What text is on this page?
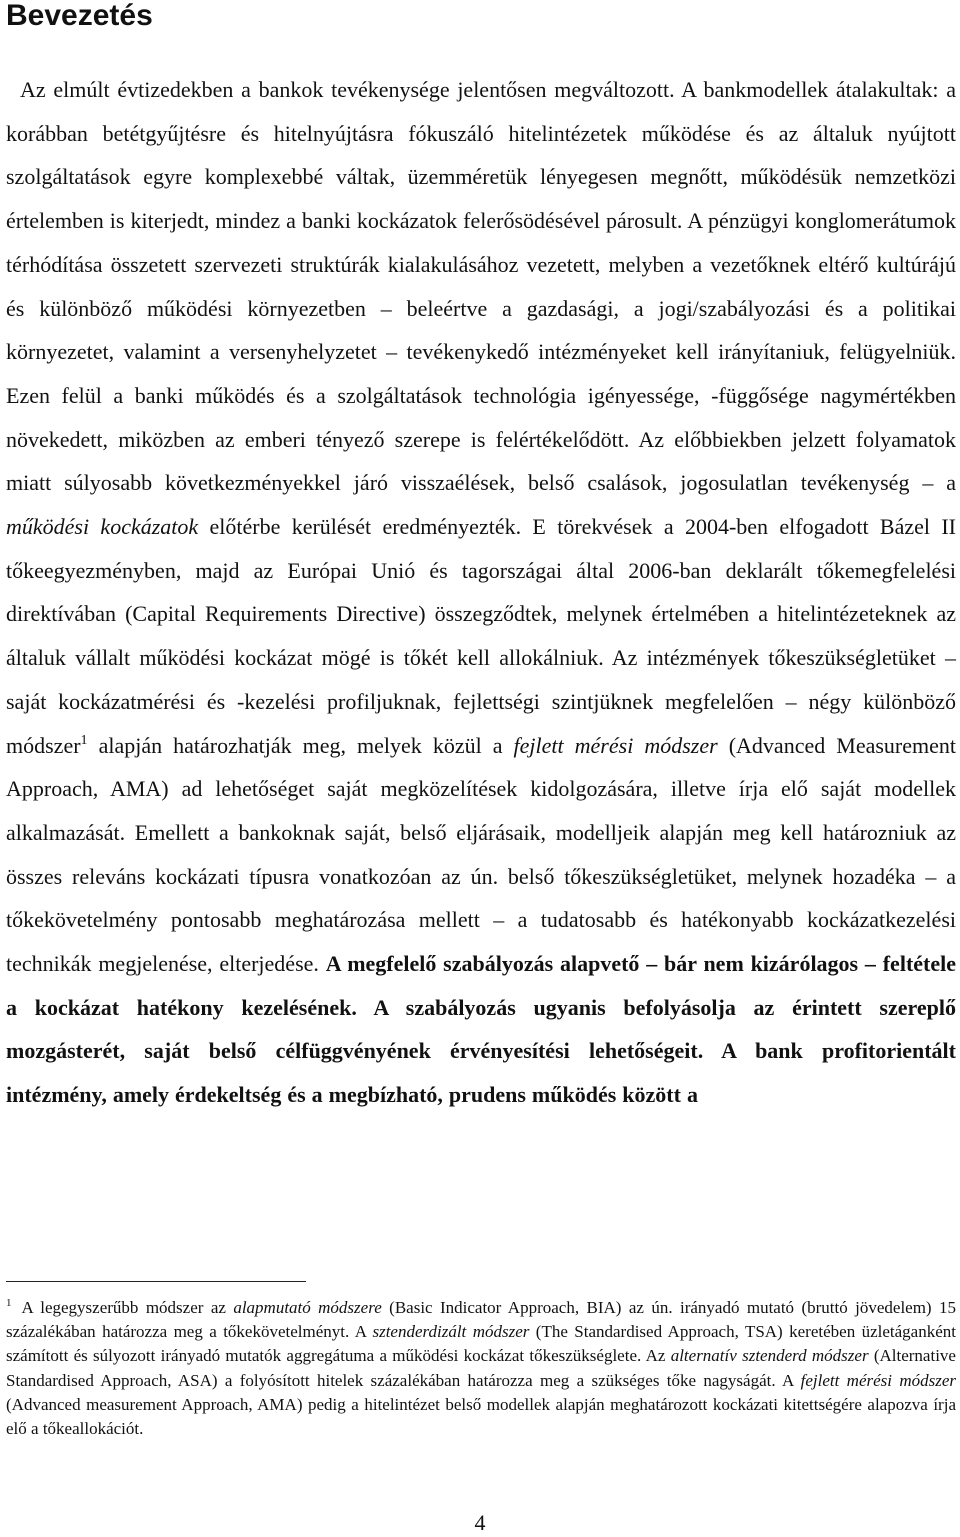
Bevezetés

Az elmúlt évtizedekben a bankok tevékenysége jelentősen megváltozott. A bankmodellek átalakultak: a korábban betétgyűjtésre és hitelnyújtásra fókuszáló hitelintézetek működése és az általuk nyújtott szolgáltatások egyre komplexebbé váltak, üzemméretük lényegesen megnőtt, működésük nemzetközi értelemben is kiterjedt, mindez a banki kockázatok felerősödésével párosult. A pénzügyi konglomerátumok térhódítása összetett szervezeti struktúrák kialakulásához vezetett, melyben a vezetőknek eltérő kultúrájú és különböző működési környezetben – beleértve a gazdasági, a jogi/szabályozási és a politikai környezetet, valamint a versenyhelyzetet – tevékenykedő intézményeket kell irányítaniuk, felügyelniük. Ezen felül a banki működés és a szolgáltatások technológia igényessége, -függősége nagymértékben növekedett, miközben az emberi tényező szerepe is felértékelődött. Az előbbiekben jelzett folyamatok miatt súlyosabb következményekkel járó visszaélések, belső csalások, jogosulatlan tevékenység – a működési kockázatok előtérbe kerülését eredményezték. E törekvések a 2004-ben elfogadott Bázel II tőkeegyezményben, majd az Európai Unió és tagországai által 2006-ban deklarált tőkemegfelelési direktívában (Capital Requirements Directive) összegződtek, melynek értelmében a hitelintézeteknek az általuk vállalt működési kockázat mögé is tőkét kell allokálniuk. Az intézmények tőkeszükségletüket – saját kockázatmérési és -kezelési profiljuknak, fejlettségi szintjüknek megfelelően – négy különböző módszer$^1$ alapján határozhatják meg, melyek közül a fejlett mérési módszer (Advanced Measurement Approach, AMA) ad lehetőséget saját megközelítések kidolgozására, illetve írja elő saját modellek alkalmazását. Emellett a bankoknak saját, belső eljárásaik, modelljeik alapján meg kell határozniuk az összes releváns kockázati típusra vonatkozóan az ún. belső tőkeszükségletüket, melynek hozadéka – a tőkekövetelmény pontosabb meghatározása mellett – a tudatosabb és hatékonyabb kockázatkezelési technikák megjelenése, elterjedése. A megfelelő szabályozás alapvető – bár nem kizárólagos – feltétele a kockázat hatékony kezelésének. A szabályozás ugyanis befolyásolja az érintett szereplő mozgásterét, saját belső célfüggvényének érvényesítési lehetőségeit. A bank profitorientált intézmény, amely érdekeltség és a megbízható, prudens működés között a

$^1$ A legegyszerűbb módszer az alapmutató módszere (Basic Indicator Approach, BIA) az ún. irányadó mutató (bruttó jövedelem) 15 százalékában határozza meg a tőkekövetelményt. A sztenderdizált módszer (The Standardised Approach, TSA) keretében üzletáganként számított és súlyozott irányadó mutatók aggregátuma a működési kockázat tőkeszükséglete. Az alternatív sztenderd módszer (Alternative Standardised Approach, ASA) a folyósított hitelek százalékában határozza meg a szükséges tőke nagyságát. A fejlett mérési módszer (Advanced measurement Approach, AMA) pedig a hitelintézet belső modellek alapján meghatározott kockázati kitettségére alapozva írja elő a tőkeallokációt.

4
